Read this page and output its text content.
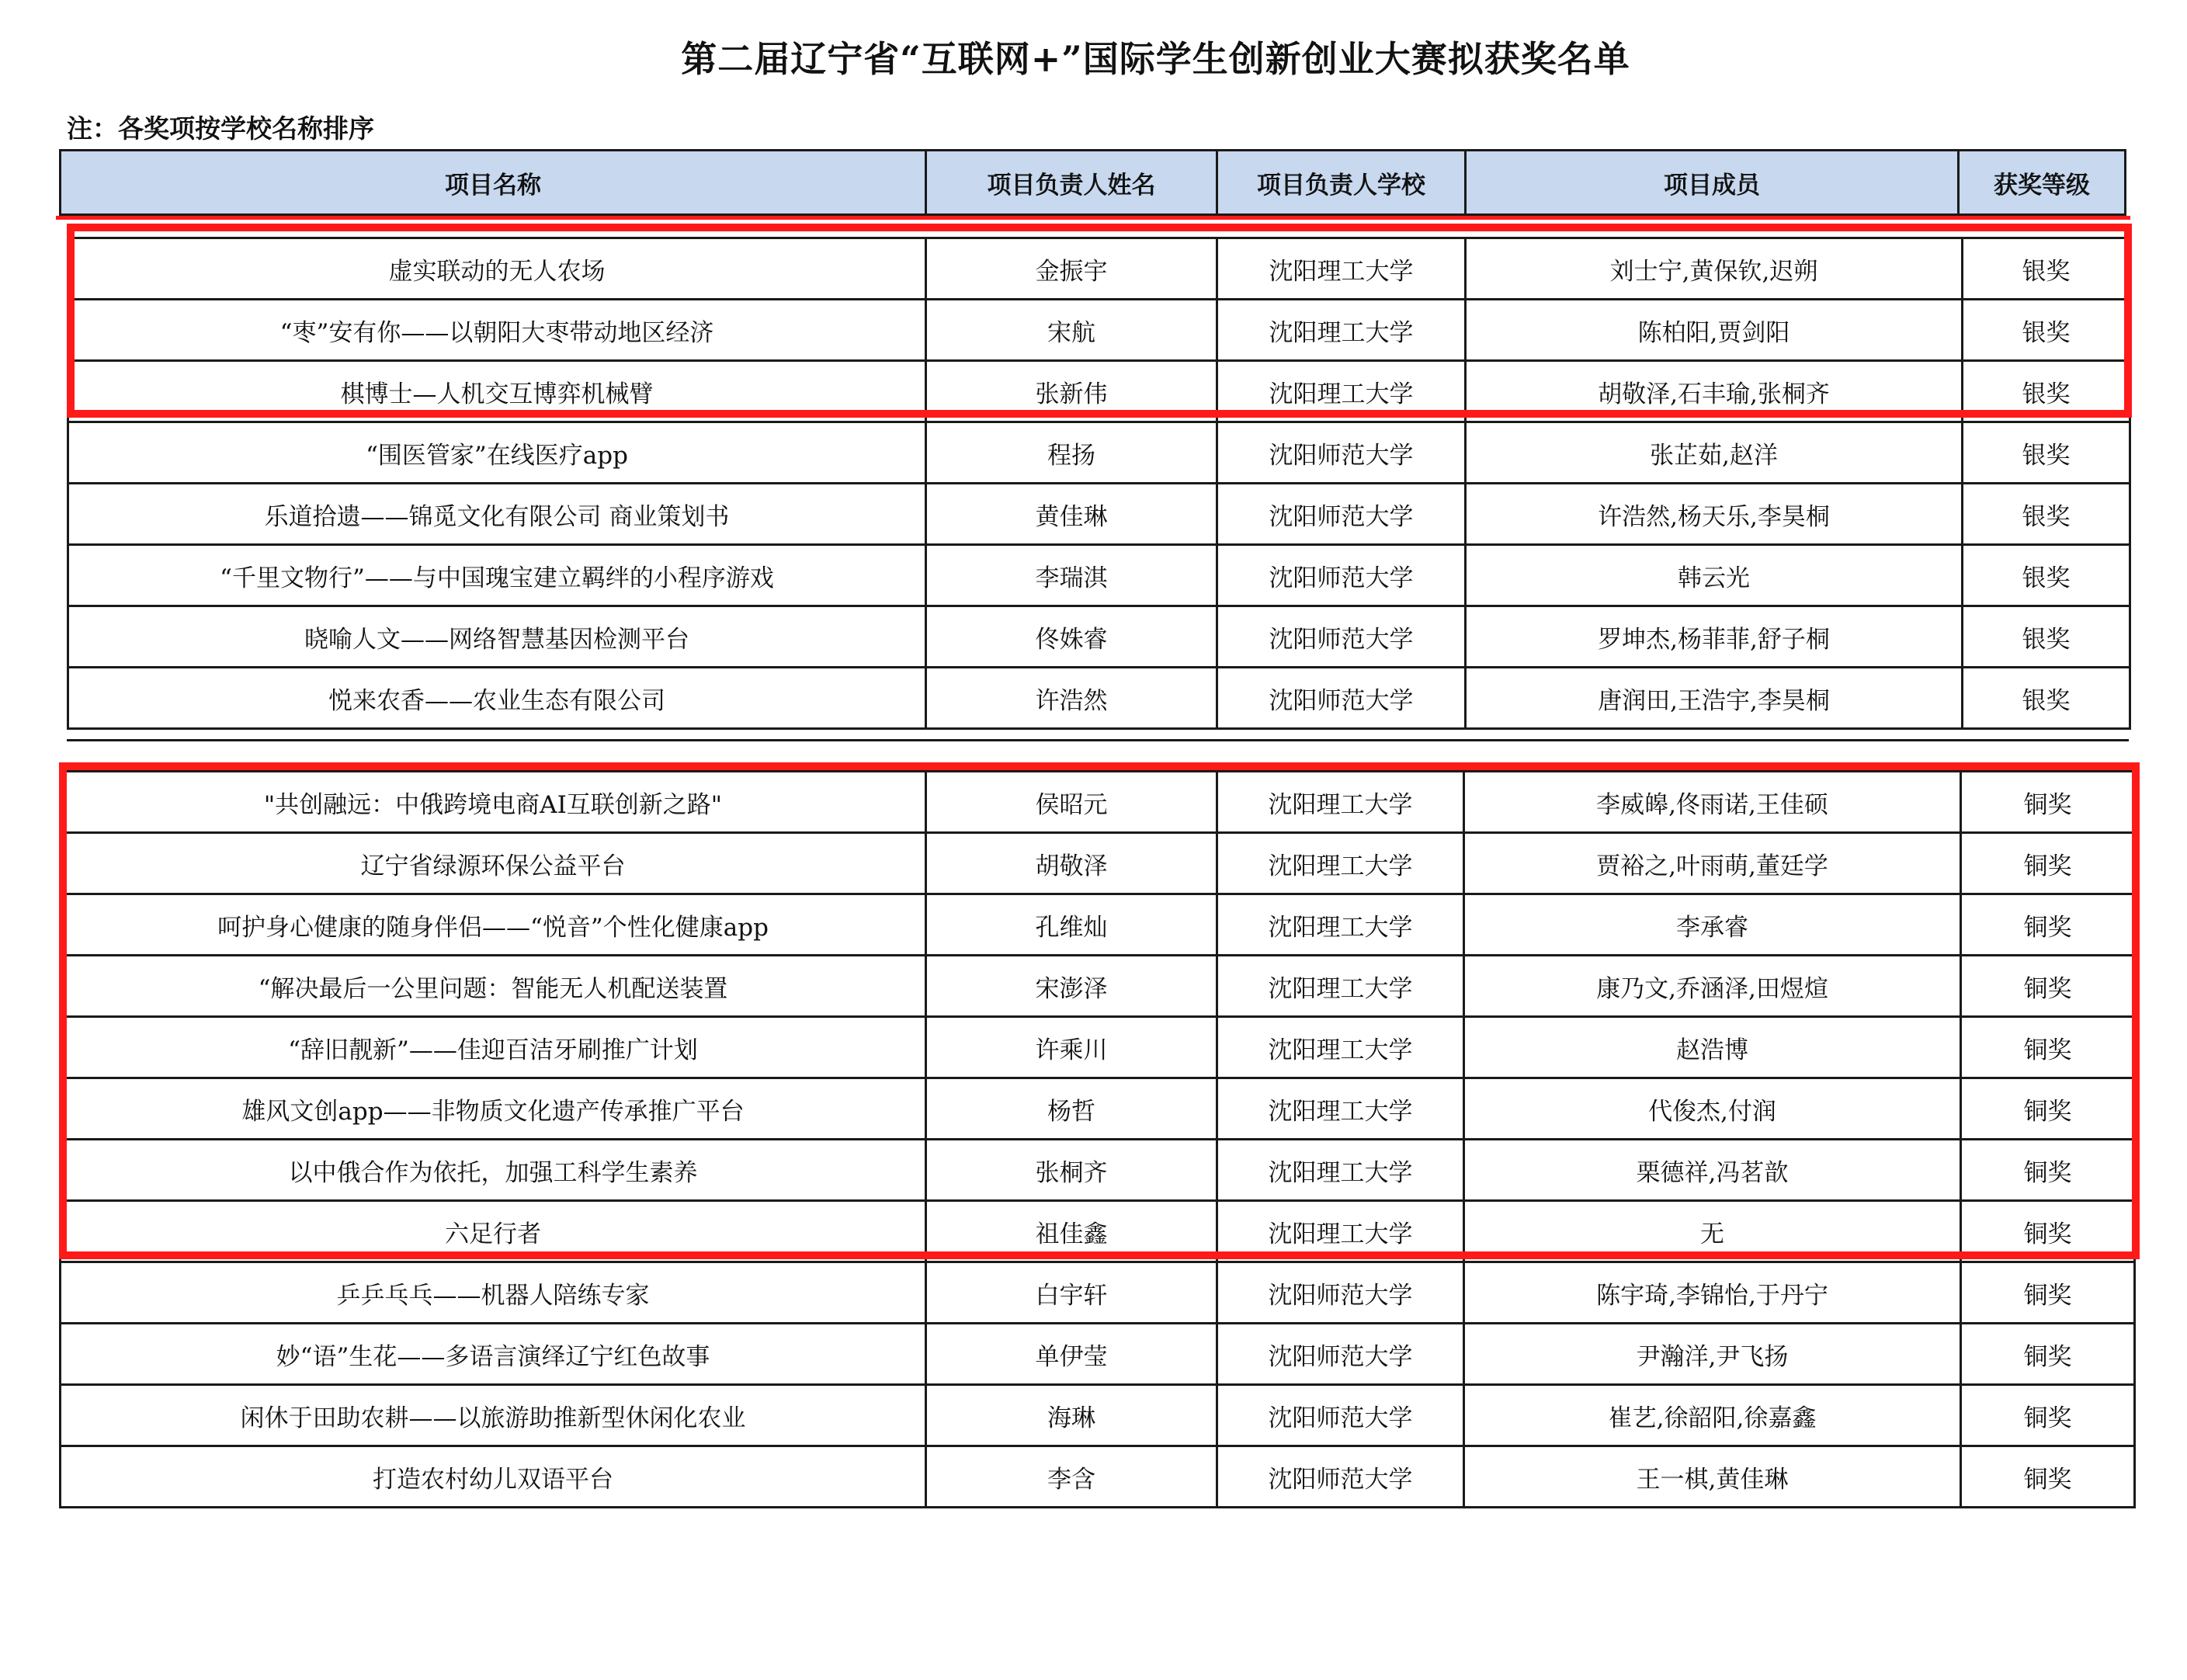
第二届辽宁省“互联网+”国际学生创新创业大赛拟获奖名单
注：各奖项按学校名称排序
项目名称	项目负责人姓名	项目负责人学校	项目成员	获奖等级
虚实联动的无人农场	金振宇	沈阳理工大学	刘士宁,黄保钦,迟朔	银奖
“枣”安有你——以朝阳大枣带动地区经济	宋航	沈阳理工大学	陈柏阳,贾剑阳	银奖
棋博士—人机交互博弈机械臂	张新伟	沈阳理工大学	胡敬泽,石丰瑜,张桐齐	银奖
“围医管家”在线医疗app	程扬	沈阳师范大学	张芷茹,赵洋	银奖
乐道拾遗——锦觅文化有限公司 商业策划书	黄佳琳	沈阳师范大学	许浩然,杨天乐,李昊桐	银奖
“千里文物行”——与中国瑰宝建立羁绊的小程序游戏	李瑞淇	沈阳师范大学	韩云光	银奖
晓喻人文——网络智慧基因检测平台	佟姝睿	沈阳师范大学	罗坤杰,杨菲菲,舒子桐	银奖
悦来农香——农业生态有限公司	许浩然	沈阳师范大学	唐润田,王浩宇,李昊桐	银奖
"共创融远：中俄跨境电商AI互联创新之路"	侯昭元	沈阳理工大学	李威皞,佟雨诺,王佳硕	铜奖
辽宁省绿源环保公益平台	胡敬泽	沈阳理工大学	贾裕之,叶雨萌,董廷学	铜奖
呵护身心健康的随身伴侣——“悦音”个性化健康app	孔维灿	沈阳理工大学	李承睿	铜奖
“解决最后一公里问题：智能无人机配送装置	宋澎泽	沈阳理工大学	康乃文,乔涵泽,田煜煊	铜奖
“辞旧靓新”——佳迎百洁牙刷推广计划	许乘川	沈阳理工大学	赵浩博	铜奖
雄风文创app——非物质文化遗产传承推广平台	杨哲	沈阳理工大学	代俊杰,付润	铜奖
以中俄合作为依托，加强工科学生素养	张桐齐	沈阳理工大学	栗德祥,冯茗歆	铜奖
六足行者	祖佳鑫	沈阳理工大学	无	铜奖
乒乒乓乓——机器人陪练专家	白宇轩	沈阳师范大学	陈宇琦,李锦怡,于丹宁	铜奖
妙“语”生花——多语言演绎辽宁红色故事	单伊莹	沈阳师范大学	尹瀚洋,尹飞扬	铜奖
闲休于田助农耕——以旅游助推新型休闲化农业	海琳	沈阳师范大学	崔艺,徐韶阳,徐嘉鑫	铜奖
打造农村幼儿双语平台	李含	沈阳师范大学	王一棋,黄佳琳	铜奖
